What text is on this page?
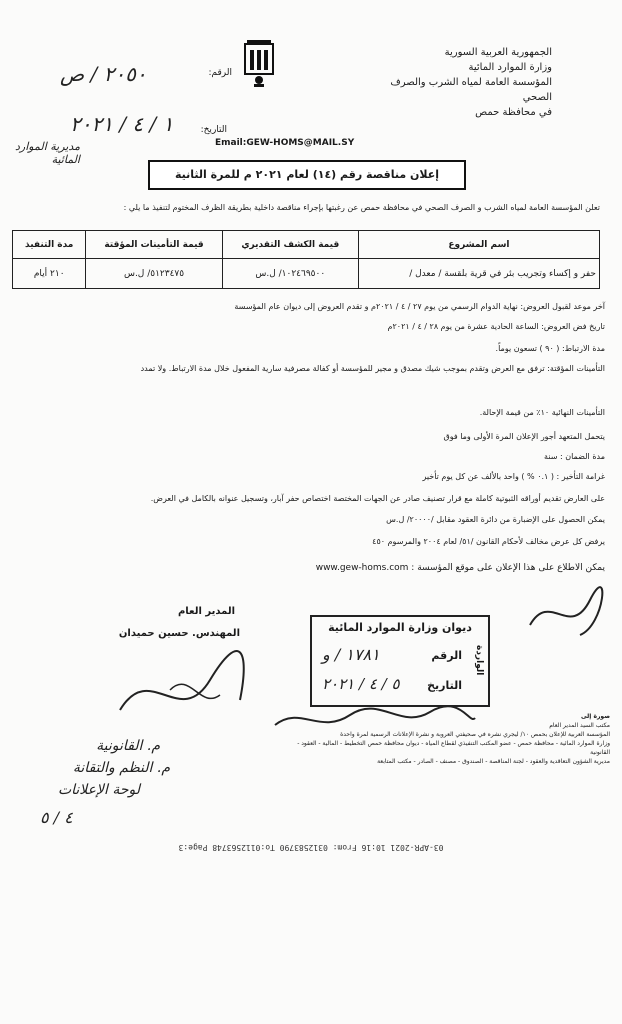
الجمهورية العربية السورية
وزارة الموارد المائية
المؤسسة العامة لمياه الشرب والصرف الصحي
في محافظة حمص
الرقم:
٢٠٥٠ / ص
التاريخ:
١ / ٤ / ٢٠٢١
مديرية الموارد المائية
Email:GEW-HOMS@MAIL.SY
إعلان مناقصة رقم (١٤) لعام ٢٠٢١ م للمرة الثانية
تعلن المؤسسة العامة لمياه الشرب و الصرف الصحي في محافظة حمص عن رغبتها بإجراء مناقصة داخلية بطريقة الظرف المختوم لتنفيذ ما يلي :
اسم المشروع	قيمة الكشف التقديري	قيمة التأمينات المؤقتة	مدة التنفيذ
حفر و إكساء وتجريب بئر في قرية بلقسة / معدل /	١٠٢٤٦٩٥٠٠/ ل.س	٥١٢٣٤٧٥/ ل.س	٢١٠ أيام
آخر موعد لقبول العروض: نهاية الدوام الرسمي من يوم ٢٧ / ٤ / ٢٠٢١م و تقدم العروض إلى ديوان عام المؤسسة
تاريخ فض العروض: الساعة الحادية عشرة من يوم ٢٨ / ٤ / ٢٠٢١م
مدة الارتباط: ( ٩٠ ) تسعون يوماً.
التأمينات المؤقتة: ترفق مع العرض وتقدم بموجب شيك مصدق و مجير للمؤسسة أو كفالة مصرفية سارية المفعول خلال مدة الارتباط. ولا تمدد
التأمينات النهائية ١٠٪ من قيمة الإحالة.
يتحمل المتعهد أجور الإعلان المرة الأولى وما فوق
مدة الضمان : سنة
غرامة التأخير : ( ٠.١ % ) واحد بالألف عن كل يوم تأخير
على العارض تقديم أوراقه الثبوتية كاملة مع قرار تصنيف صادر عن الجهات المختصة اختصاص حفر آبار، وتسجيل عنوانه بالكامل في العرض.
يمكن الحصول على الإضبارة من دائرة العقود مقابل /٢٠٠٠٠/ ل.س
يرفض كل عرض مخالف لأحكام القانون /٥١/ لعام ٢٠٠٤ والمرسوم ٤٥٠
يمكن الاطلاع على هذا الإعلان على موقع المؤسسة : www.gew-homs.com
المدير العام
المهندس. حسين حميدان	ديوان وزارة الموارد المائية
الواردة
الرقم
١٧٨١ / و
التاريخ
٥ / ٤ / ٢٠٢١
صورة إلى
مكتب السيد المدير العام
المؤسسة العربية للإعلان بحمص ١٠/ ليجري نشره في صحيفتي العروبة و نشرة الإعلانات الرسمية لمرة واحدة
وزارة الموارد المائية - محافظة حمص - عضو المكتب التنفيذي لقطاع المياه - ديوان محافظة حمص التخطيط - المالية - العقود - القانونية
مديرية الشؤون التعاقدية والعقود - لجنة المناقصة - الصندوق - مصنف - الصادر - مكتب المتابعة
م. القانونية
م. النظم والتقانة
لوحة الإعلانات
٤ / ٥
03-APR-2021 10:16 From: 0312583790 To:0112563748 Page:3
